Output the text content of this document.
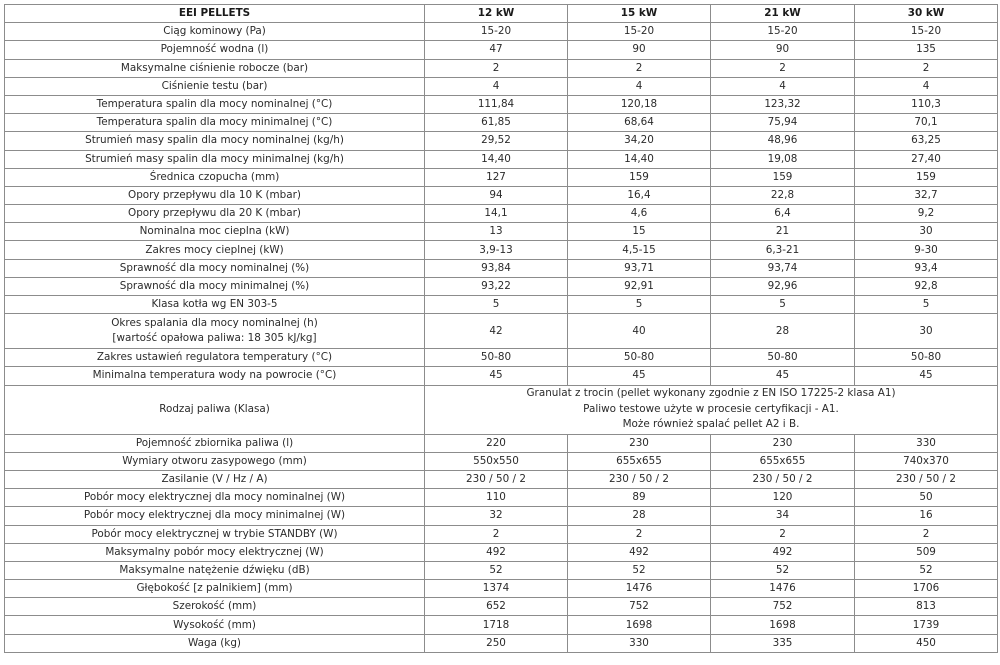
EEI PELLETS	12 kW	15 kW	21 kW	30 kW
Ciąg kominowy (Pa)	15-20	15-20	15-20	15-20
Pojemność wodna (l)	47	90	90	135
Maksymalne ciśnienie robocze (bar)	2	2	2	2
Ciśnienie testu (bar)	4	4	4	4
Temperatura spalin dla mocy nominalnej (°C)	111,84	120,18	123,32	110,3
Temperatura spalin dla mocy minimalnej (°C)	61,85	68,64	75,94	70,1
Strumień masy spalin dla mocy nominalnej (kg/h)	29,52	34,20	48,96	63,25
Strumień masy spalin dla mocy minimalnej (kg/h)	14,40	14,40	19,08	27,40
Średnica czopucha (mm)	127	159	159	159
Opory przepływu dla 10 K (mbar)	94	16,4	22,8	32,7
Opory przepływu dla 20 K (mbar)	14,1	4,6	6,4	9,2
Nominalna moc cieplna (kW)	13	15	21	30
Zakres mocy cieplnej (kW)	3,9-13	4,5-15	6,3-21	9-30
Sprawność dla mocy nominalnej (%)	93,84	93,71	93,74	93,4
Sprawność dla mocy minimalnej (%)	93,22	92,91	92,96	92,8
Klasa kotła wg EN 303-5	5	5	5	5

Okres spalania dla mocy nominalnej (h)
[wartość opałowa paliwa: 18 305 kJ/kg]	42	40	28	30
Zakres ustawień regulatora temperatury (°C)	50-80	50-80	50-80	50-80
Minimalna temperatura wody na powrocie (°C)	45	45	45	45
Rodzaj paliwa (Klasa)	Granulat z trocin (pellet wykonany zgodnie z EN ISO 17225-2 klasa A1)
Paliwo testowe użyte w procesie certyfikacji - A1.
Może również spalać pellet A2 i B.			

Pojemność zbiornika paliwa (l)	220	230	230	330
Wymiary otworu zasypowego (mm)	550x550	655x655	655x655	740x370
Zasilanie (V / Hz / A)	230 / 50 / 2	230 / 50 / 2	230 / 50 / 2	230 / 50 / 2
Pobór mocy elektrycznej dla mocy nominalnej (W)	110	89	120	50
Pobór mocy elektrycznej dla mocy minimalnej (W)	32	28	34	16
Pobór mocy elektrycznej w trybie STANDBY (W)	2	2	2	2
Maksymalny pobór mocy elektrycznej (W)	492	492	492	509
Maksymalne natężenie dźwięku (dB)	52	52	52	52
Głębokość [z palnikiem] (mm)	1374	1476	1476	1706
Szerokość (mm)	652	752	752	813
Wysokość (mm)	1718	1698	1698	1739
Waga (kg)	250	330	335	450
